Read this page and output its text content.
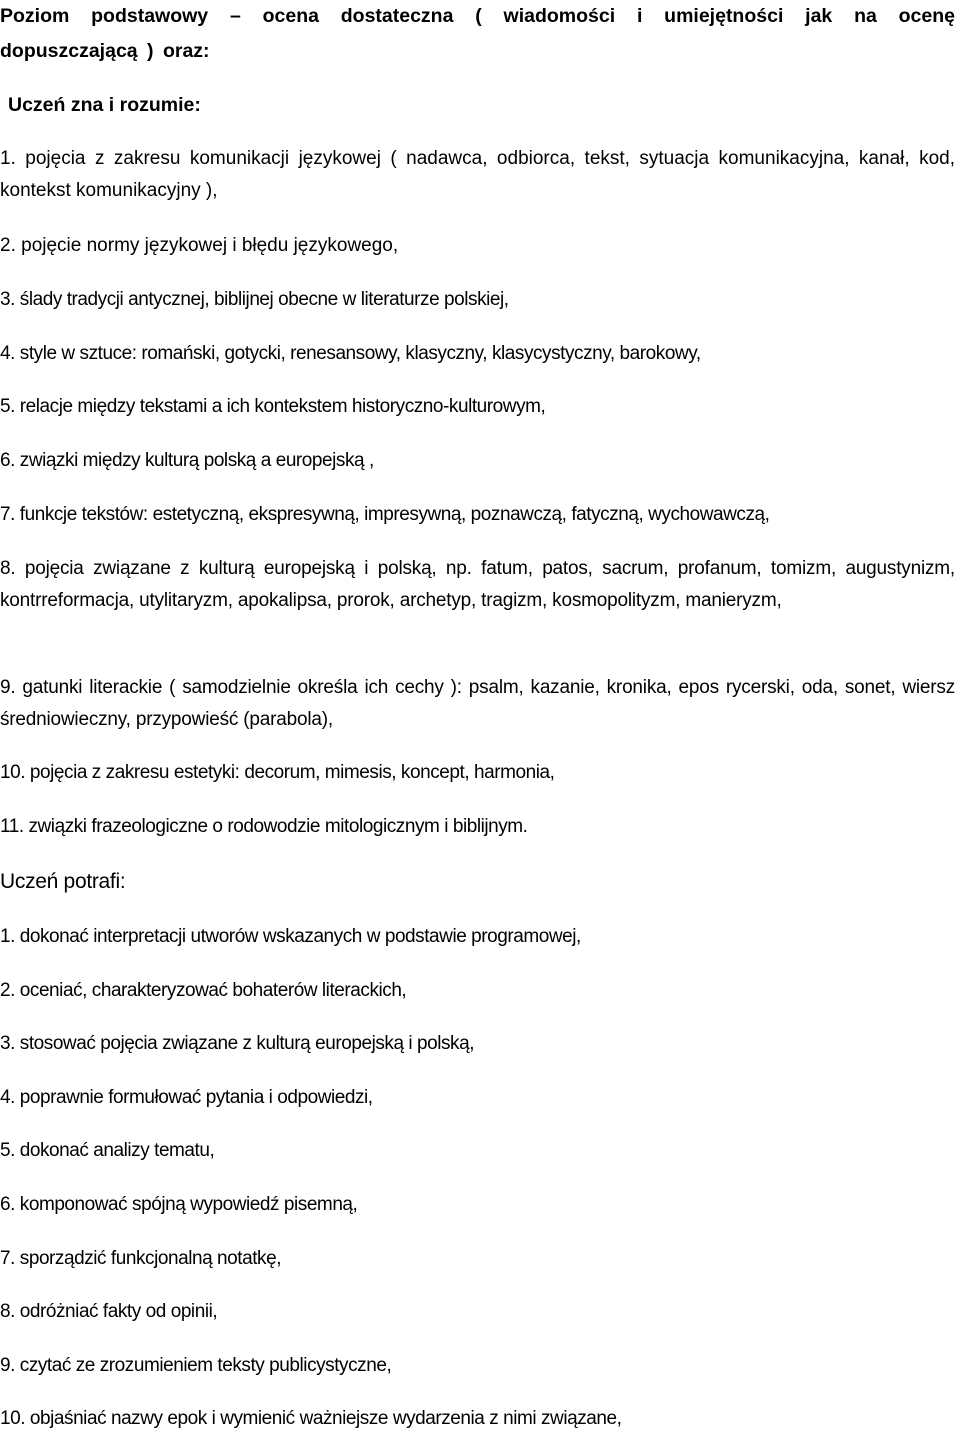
Poziom podstawowy – ocena dostateczna ( wiadomości i umiejętności jak na ocenę dopuszczającą ) oraz:

Uczeń zna i rozumie:

1. pojęcia z zakresu komunikacji językowej ( nadawca, odbiorca, tekst, sytuacja komunikacyjna, kanał, kod, kontekst komunikacyjny ),

2. pojęcie normy językowej i błędu językowego,

3. ślady tradycji antycznej, biblijnej obecne w literaturze polskiej,

4. style w sztuce: romański, gotycki, renesansowy, klasyczny, klasycystyczny, barokowy,

5. relacje między tekstami a ich kontekstem historyczno-kulturowym,

6. związki między kulturą polską a europejską ,

7. funkcje tekstów: estetyczną, ekspresywną, impresywną, poznawczą, fatyczną, wychowawczą,

8. pojęcia związane z kulturą europejską i polską, np. fatum, patos, sacrum, profanum, tomizm, augustynizm, kontrreformacja, utylitaryzm, apokalipsa, prorok, archetyp, tragizm, kosmopolityzm, manieryzm,

9. gatunki literackie ( samodzielnie określa ich cechy ): psalm, kazanie, kronika, epos rycerski, oda, sonet, wiersz średniowieczny, przypowieść (parabola),

10. pojęcia z zakresu estetyki: decorum, mimesis, koncept, harmonia,

11. związki frazeologiczne o rodowodzie mitologicznym i biblijnym.

Uczeń potrafi:

1. dokonać interpretacji utworów wskazanych w podstawie programowej,

2. oceniać, charakteryzować bohaterów literackich,

3. stosować pojęcia związane z kulturą europejską i polską,

4. poprawnie formułować pytania i odpowiedzi,

5. dokonać analizy tematu,

6. komponować spójną wypowiedź pisemną,

7. sporządzić funkcjonalną notatkę,

8. odróżniać fakty od opinii,

9. czytać ze zrozumieniem teksty publicystyczne,

10. objaśniać nazwy epok i wymienić ważniejsze wydarzenia z nimi związane,
